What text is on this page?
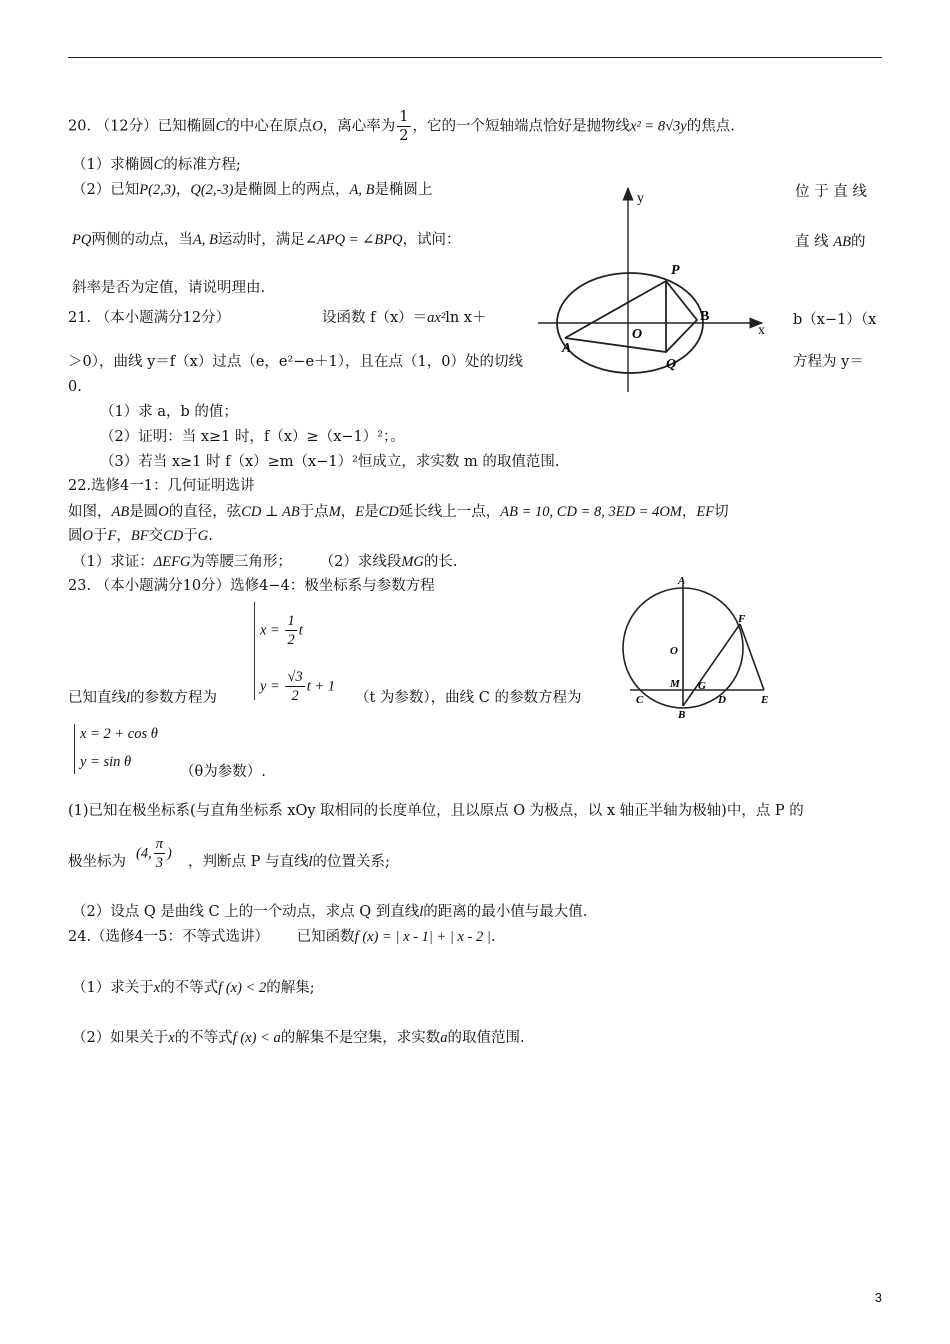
20. （12分）已知椭圆C的中心在原点O，离心率为 $\frac{1}{2}$ ，它的一个短轴端点恰好是抛物线x² = 8√3y的焦点.
（1）求椭圆C的标准方程;
（2）已知P(2,3)，Q(2,-3)是椭圆上的两点，A, B是椭圆上	位 于 直 线
PQ两侧的动点，当A, B运动时，满足∠APQ = ∠BPQ，试问：	直 线 AB的
斜率是否为定值，请说明理由.
21. （本小题满分12分）	设函数 f（x）＝ax²ln x＋	b（x−1）（x
＞0），曲线 y＝f（x）过点（e，e²−e＋1），且在点（1，0）处的切线	方程为 y＝
0.
（1）求 a，b 的值；
（2）证明：当 x≥1 时，f（x）≥（x−1）²；。
（3）若当 x≥1 时 f（x）≥m（x−1）²恒成立，求实数 m 的取值范围.
22.选修4一1：几何证明选讲
如图，AB是圆O的直径，弦CD ⊥ AB于点M，E是CD延长线上一点，AB = 10, CD = 8, 3ED = 4OM，EF切
圆O于F，BF交CD于G.
（1）求证：ΔEFG为等腰三角形； （2）求线段MG的长.
23. （本小题满分10分）选修4−4：极坐标系与参数方程
$x = \frac{1}{2}$ t
$y = \frac{√3}{2}$ t + 1
已知直线l的参数方程为	（t 为参数），曲线 C 的参数方程为
x = 2 + cos θ
y = sin θ
（θ为参数）.
(1)已知在极坐标系(与直角坐标系 xOy 取相同的长度单位，且以原点 O 为极点，以 x 轴正半轴为极轴)中，点 P 的
极坐标为
(4, $\frac{\pi}{3}$ )
，判断点 P 与直线l的位置关系;
（2）设点 Q 是曲线 C 上的一个动点，求点 Q 到直线l的距离的最小值与最大值.
24.（选修4一5：不等式选讲） 已知函数f (x) = | x - 1| + | x - 2 |.
（1）求关于x的不等式f (x) < 2的解集;
（2）如果关于x的不等式f (x) < a的解集不是空集，求实数a的取值范围.
y
x
P
B
O
A
Q
A
F
O
M G
C
B
D	E
3
